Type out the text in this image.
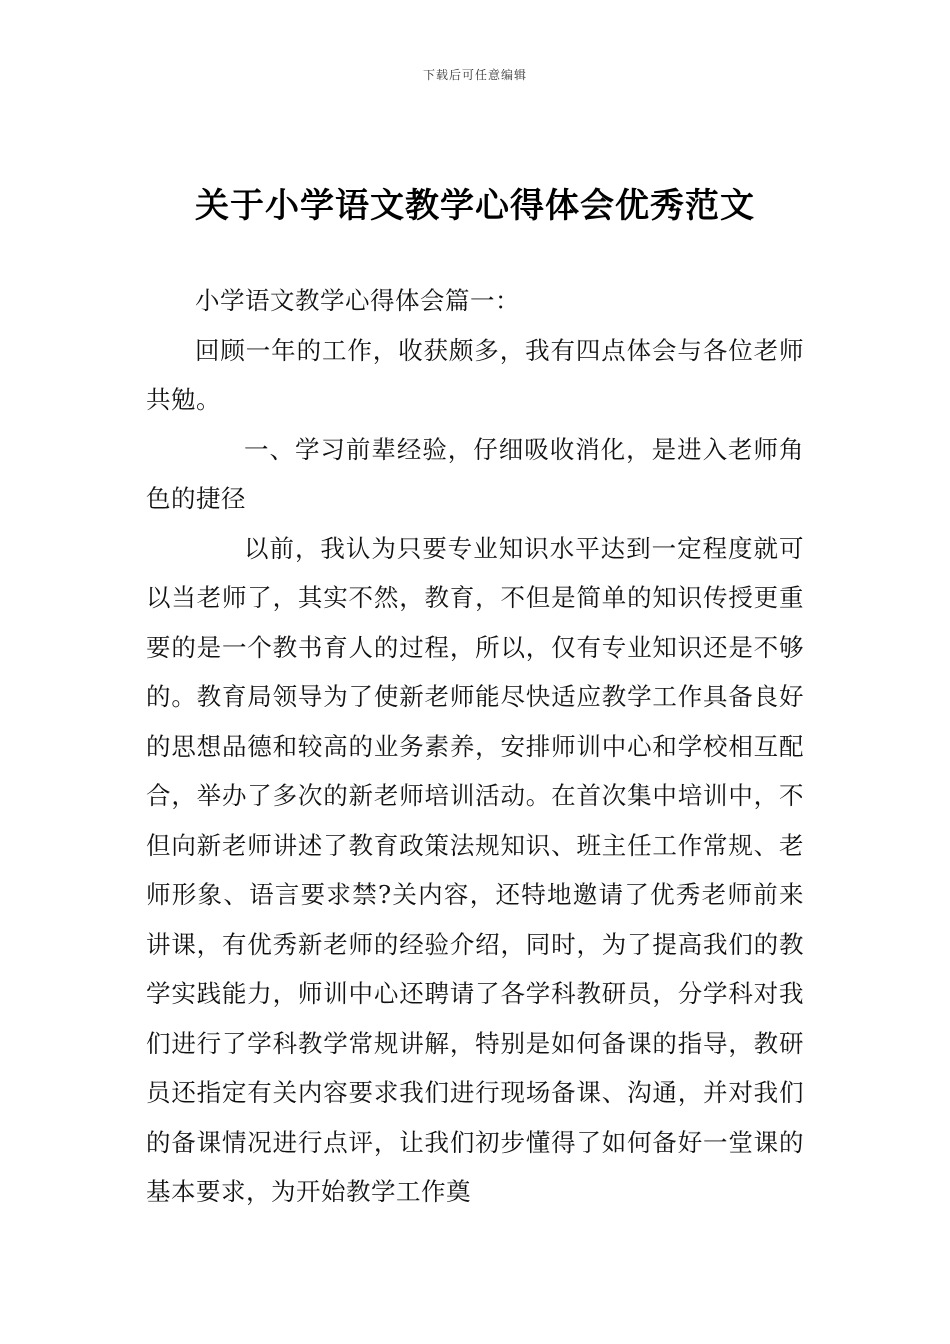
下载后可任意编辑
关于小学语文教学心得体会优秀范文

小学语文教学心得体会篇一：

回顾一年的工作，收获颇多，我有四点体会与各位老师共勉。

一、学习前辈经验，仔细吸收消化，是进入老师角色的捷径

以前，我认为只要专业知识水平达到一定程度就可以当老师了，其实不然，教育，不但是简单的知识传授更重要的是一个教书育人的过程，所以，仅有专业知识还是不够的。教育局领导为了使新老师能尽快适应教学工作具备良好的思想品德和较高的业务素养，安排师训中心和学校相互配合，举办了多次的新老师培训活动。在首次集中培训中，不但向新老师讲述了教育政策法规知识、班主任工作常规、老师形象、语言要求禁?关内容，还特地邀请了优秀老师前来讲课，有优秀新老师的经验介绍，同时，为了提高我们的教学实践能力，师训中心还聘请了各学科教研员，分学科对我们进行了学科教学常规讲解，特别是如何备课的指导，教研员还指定有关内容要求我们进行现场备课、沟通，并对我们的备课情况进行点评，让我们初步懂得了如何备好一堂课的基本要求，为开始教学工作奠
